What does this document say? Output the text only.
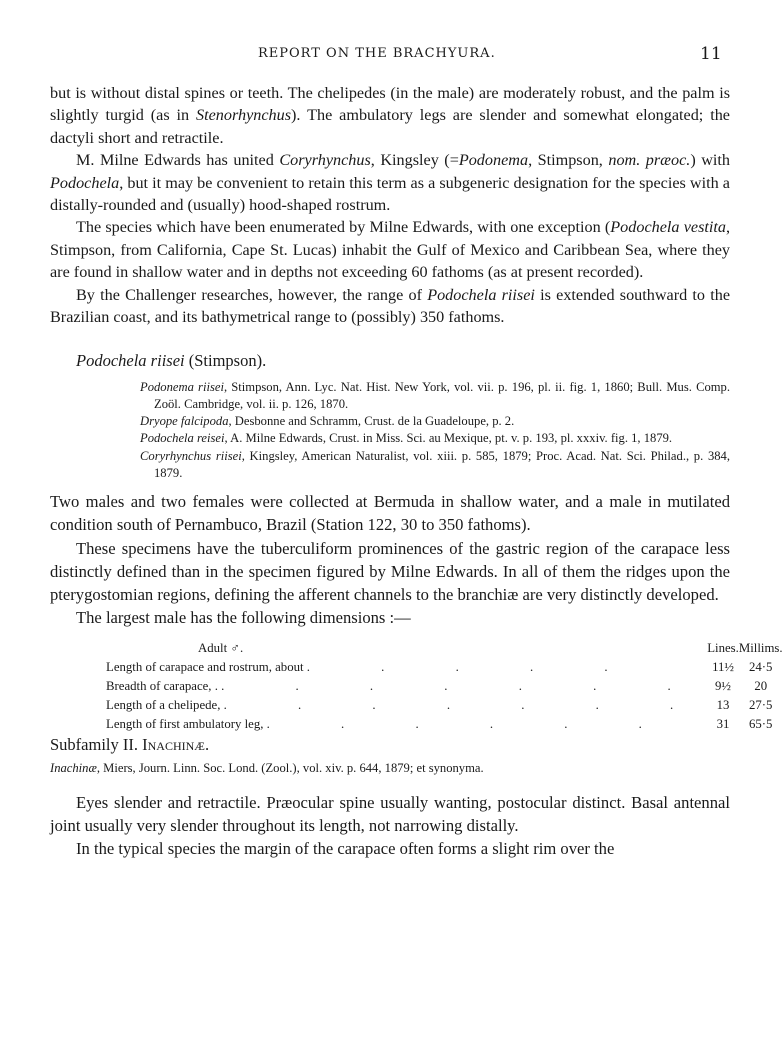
REPORT ON THE BRACHYURA.	11

but is without distal spines or teeth. The chelipedes (in the male) are moderately robust, and the palm is slightly turgid (as in Stenorhynchus). The ambulatory legs are slender and somewhat elongated; the dactyli short and retractile.

M. Milne Edwards has united Coryrhynchus, Kingsley (=Podonema, Stimpson, nom. præoc.) with Podochela, but it may be convenient to retain this term as a subgeneric designation for the species with a distally-rounded and (usually) hood-shaped rostrum.

The species which have been enumerated by Milne Edwards, with one exception (Podochela vestita, Stimpson, from California, Cape St. Lucas) inhabit the Gulf of Mexico and Caribbean Sea, where they are found in shallow water and in depths not exceeding 60 fathoms (as at present recorded).

By the Challenger researches, however, the range of Podochela riisei is extended southward to the Brazilian coast, and its bathymetrical range to (possibly) 350 fathoms.

Podochela riisei (Stimpson).

Podonema riisei, Stimpson, Ann. Lyc. Nat. Hist. New York, vol. vii. p. 196, pl. ii. fig. 1, 1860; Bull. Mus. Comp. Zoöl. Cambridge, vol. ii. p. 126, 1870.
Dryope falcipoda, Desbonne and Schramm, Crust. de la Guadeloupe, p. 2.
Podochela reisei, A. Milne Edwards, Crust. in Miss. Sci. au Mexique, pt. v. p. 193, pl. xxxiv. fig. 1, 1879.
Coryrhynchus riisei, Kingsley, American Naturalist, vol. xiii. p. 585, 1879; Proc. Acad. Nat. Sci. Philad., p. 384, 1879.

Two males and two females were collected at Bermuda in shallow water, and a male in mutilated condition south of Pernambuco, Brazil (Station 122, 30 to 350 fathoms).

These specimens have the tuberculiform prominences of the gastric region of the carapace less distinctly defined than in the specimen figured by Milne Edwards. In all of them the ridges upon the pterygostomian regions, defining the afferent channels to the branchiæ are very distinctly developed.

The largest male has the following dimensions :—

Adult ♂.	Lines.	Millims.
Length of carapace and rostrum, about . . . . .	11½	24·5
Breadth of carapace, . . . . . . . .	9½	20
Length of a chelipede, . . . . . . .	13	27·5
Length of first ambulatory leg, . . . . . .	31	65·5

Subfamily II. Inachinæ.

Inachinæ, Miers, Journ. Linn. Soc. Lond. (Zool.), vol. xiv. p. 644, 1879; et synonyma.

Eyes slender and retractile. Præocular spine usually wanting, postocular distinct. Basal antennal joint usually very slender throughout its length, not narrowing distally.

In the typical species the margin of the carapace often forms a slight rim over the
